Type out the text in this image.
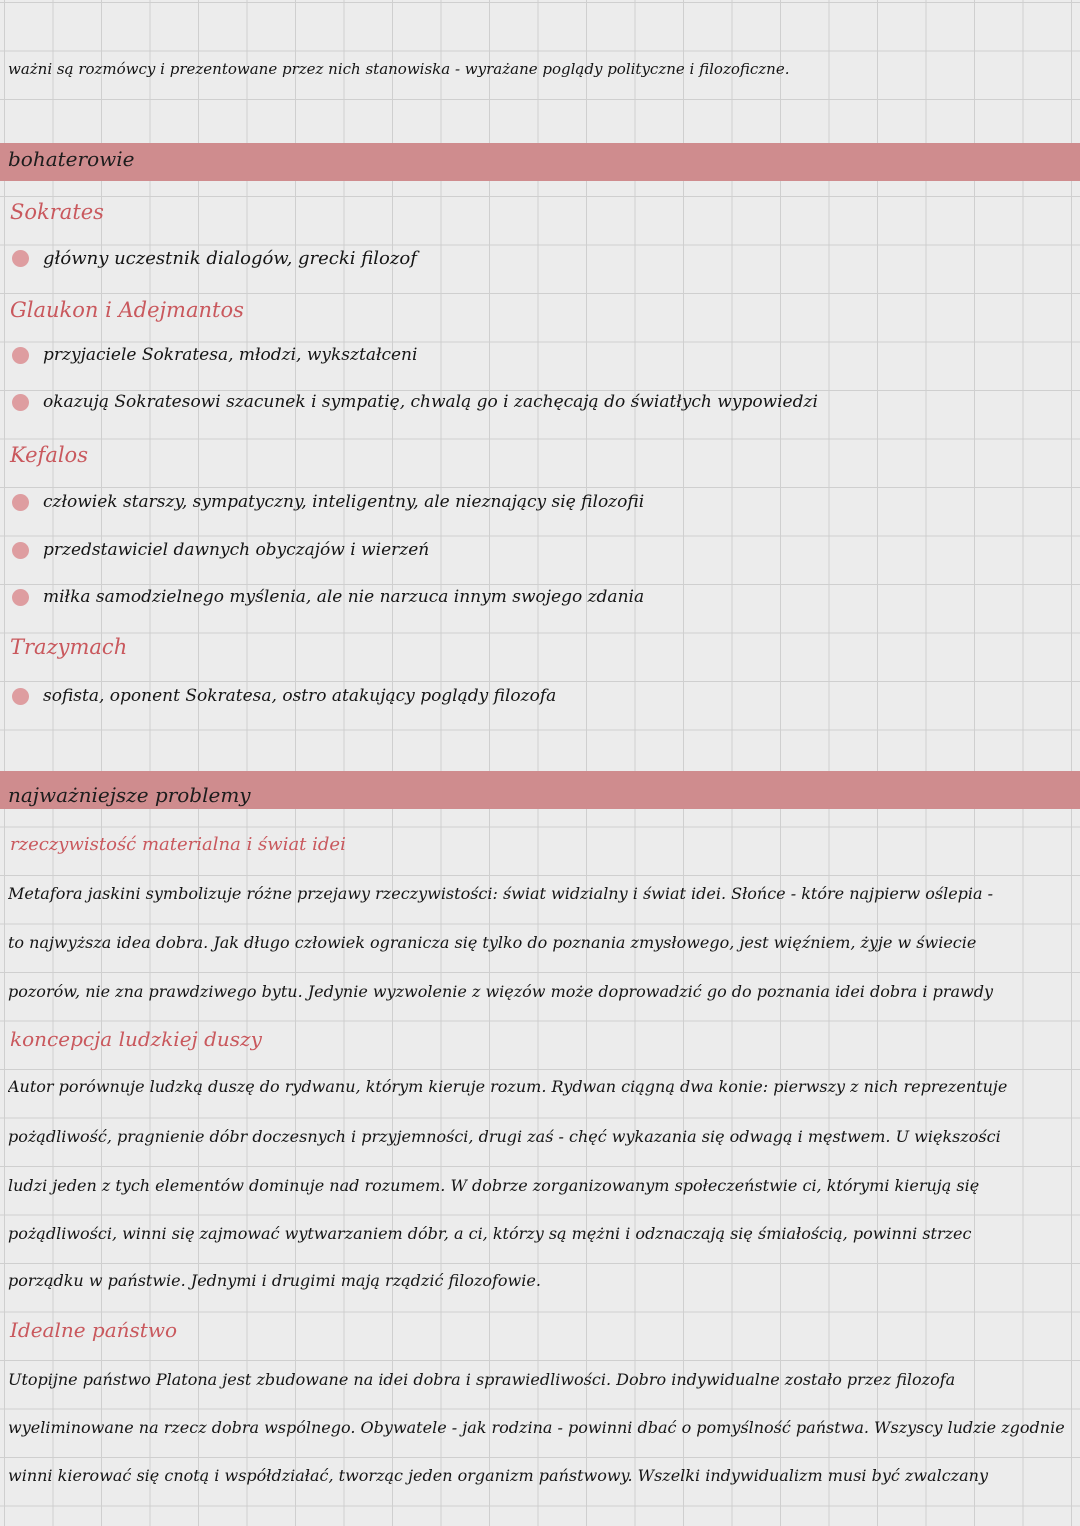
ważni są rozmówcy i prezentowane przez nich stanowiska - wyrażane poglądy polityczne i filozoficzne.
bohaterowie
Sokrates
główny uczestnik dialogów, grecki filozof
Glaukon i Adejmantos
przyjaciele Sokratesa, młodzi, wykształceni
okazują Sokratesowi szacunek i sympatię, chwalą go i zachęcają do światłych wypowiedzi
Kefalos
człowiek starszy, sympatyczny, inteligentny, ale nieznający się filozofii
przedstawiciel dawnych obyczajów i wierzeń
miłka samodzielnego myślenia, ale nie narzuca innym swojego zdania
Trazymach
sofista, oponent Sokratesa, ostro atakujący poglądy filozofa
najważniejsze problemy
rzeczywistość materialna i świat idei
Metafora jaskini symbolizuje różne przejawy rzeczywistości: świat widzialny i świat idei. Słońce - które najpierw oślepia -
to najwyższa idea dobra. Jak długo człowiek ogranicza się tylko do poznania zmysłowego, jest więźniem, żyje w świecie
pozorów, nie zna prawdziwego bytu. Jedynie wyzwolenie z więzów może doprowadzić go do poznania idei dobra i prawdy
koncepcja ludzkiej duszy
Autor porównuje ludzką duszę do rydwanu, którym kieruje rozum. Rydwan ciągną dwa konie: pierwszy z nich reprezentuje
pożądliwość, pragnienie dóbr doczesnych i przyjemności, drugi zaś - chęć wykazania się odwagą i męstwem. U większości
ludzi jeden z tych elementów dominuje nad rozumem. W dobrze zorganizowanym społeczeństwie ci, którymi kierują się
pożądliwości, winni się zajmować wytwarzaniem dóbr, a ci, którzy są mężni i odznaczają się śmiałością, powinni strzec
porządku w państwie. Jednymi i drugimi mają rządzić filozofowie.
Idealne państwo
Utopijne państwo Platona jest zbudowane na idei dobra i sprawiedliwości. Dobro indywidualne zostało przez filozofa
wyeliminowane na rzecz dobra wspólnego. Obywatele - jak rodzina - powinni dbać o pomyślność państwa. Wszyscy ludzie zgodnie
winni kierować się cnotą i współdziałać, tworząc jeden organizm państwowy. Wszelki indywidualizm musi być zwalczany
